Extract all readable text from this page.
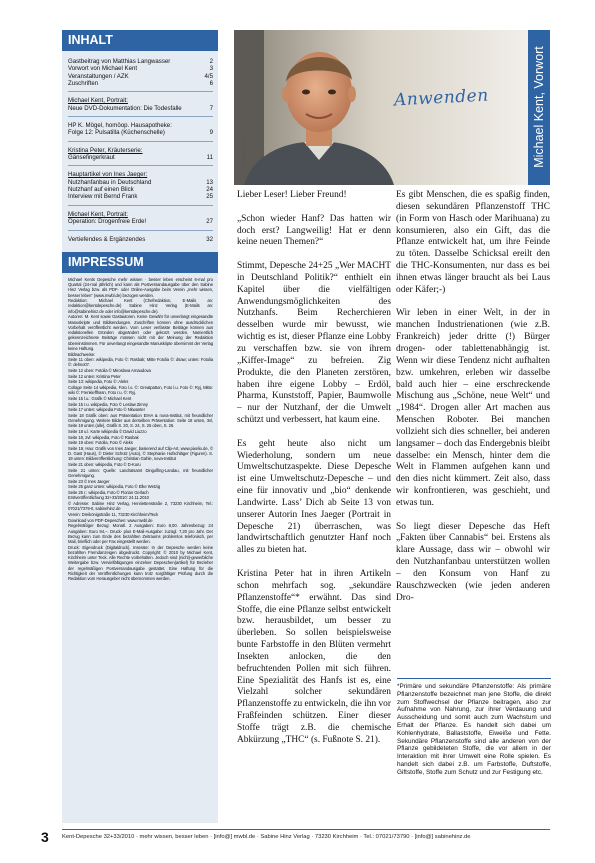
INHALT
Gastbeitrag von Matthias Langwasser	2
Vorwort von Michael Kent	3
Veranstaltungen / AZK	4/5
Zuschriften	6
Michael Kent, Portrait:
Neue DVD-Dokumentation: Die Todesfalle	7
HP K. Mögel, homöop. Hausapotheke:
Folge 12: Pulsatilla (Küchenschelle)	9
Kristina Peter, Kräuterserie:
Gänsefingerkraut	11
Hauptartikel von Ines Jaeger:
Nutzhanfanbau in Deutschland	13
Nutzhanf auf einen Blick	24
Interview mit Bernd Frank	25
Michael Kent, Portrait:
Operation: Drogenfreie Erde!	27
Vertiefendes & Ergänzendes	32
IMPRESSUM

Michael Kents Depesche mehr wissen · besser leben erscheint 6-mal pro Quartal (24-mal jährlich) und kann als Postversandausgabe über den Sabine Hinz Verlag bzw. als PDF- oder Online-Ausgabe beim Verein „mehr wissen, besser leben“ (www.mwbl.de) bezogen werden.

Redaktion: Michael Kent (Chefredaktion, E-Mails an: redaktion@kentdepesche.de) Sabine Hinz Verlag (E-Mails an: info@sabinehinz.de oder info@kentdepesche.de).

Autoren: M. Kent sowie Gastautoren. Keine Gewähr für unverlangt eingesandte Manuskripte und Bildsendungen. Zuschriften können ohne ausdrücklichen Vorbehalt veröffentlicht werden. Vom Leser verfasste Beiträge können aus redaktionellen Gründen abgeändert oder gekürzt werden. Namentlich gekennzeichnete Beiträge müssen nicht mit der Meinung der Redaktion übereinstimmen. Für unverlangt eingesandte Manuskripte übernimmt der Verlag keine Haftung.

Bildnachweise:

Seite 11 oben: wikipedia, Foto ©: Rasbak; Mitte Fotolia ©: dsaw; unten: Fotolia ©: delmo07.

Seite 12 oben: Fotolia © Miroslava Arnaudova

Seite 12 unten: Kristina Peter

Seite 13: wikipedia, Foto ©: Aleks

Collage Seite 14 wikipedia, Foto l.o. ©: Greatpatton, Foto l.u. Foto ©: Ryj, Mitte: wiki ©: Frenkieffhasn, Foto r.u. ©: Ryj.

Seite 15 l.u.: Grafik © Michael Kent

Seite 15 r.u. wikipedia, Foto © Leslaw Zimny

Seite 17 unten: wikipedia Foto © Nkwanter

Seite 18 Grafik oben: aus Präsentation EIHA & nova-Institut, mit freundlicher Genehmigung. Weitere Bilder aus derselben Präsentation: Seite 18 unten, 3vl, Seite 19 unten (alle), Grafik S. 20, S. 24, S. 25 oben, S. 26.

Seite 18 u.l. Karte wikipedia © David Liuzzo

Seite 18, 2vl: wikipedia, Foto © Rasbak

Seite 19 oben: Fotolia, Foto © Aleks

Seite 19, Hau: Grafik von Ines Jaeger, basierend auf Clip-Art, www.pixelio.de, © D. Gast (Haus), © Dieter Schütz (Auto), © Stephanie Hofschläger (Figuren). S. 19 unten: Bildveröffentlichung: Christian Gahle, nova-Institut

Seite 21 oben: wikipedia, Foto © D-Kuru

Seite 21 unten: Quelle: Landratsamt Dingolfing-Landau, mit freundlicher Genehmigung.

Seite 23 © Ines Jaeger

Seite 25 ganz unten: wikipedia, Foto © Elke Wetzig

Seite 25 r.: wikipedia, Foto © Florian Gerlach

Erstveröffentlichung 32+33/2010: 24.11.2010

© Adresse: Sabine Hinz Verlag, Henriettenstraße 2, 73230 Kirchheim, Tel.: 07021/7379-0, sabinehinz.de

Verein: Dreikönigstraße 11, 73230 Kirchheim/Teck

Download von PDF-Depeschen: www.mwbl.de

Regelmäßiger Bezug: Monatl. 2 Ausgaben: Euro 8,00. Jahresbezug: 24 Ausgaben: Euro 94,–. Druck- plus E-Mail-Ausgabe: zuzügl. 7,20 pro Jahr. Der Bezug kann zum Ende des bezahlten Zeitraums problemlos telefonisch, per Mail, brieflich oder per Fax eingestellt werden.

Druck: Eigendruck (Digitaldruck). Inserate: In der Depesche werden keine bezahlten Fremdanzeigen abgedruckt. Copyright: © 2010 by Michael Kent, Kirchheim unter Teck. Alle Rechte vorbehalten. Jedoch sind (nicht)-gewerbliche Weitergabe bzw. Vervielfältigungen einzelner Depeschen(artikel) für Bezieher der regelmäßigen Postversandausgabe gestattet. Eine Haftung für die Richtigkeit der Veröffentlichungen kann trotz sorgfältiger Prüfung durch die Redaktion vom Herausgeber nicht übernommen werden.

Michael Kent
Anwenden	Michael Kent, Vorwort

Lieber Leser! Lieber Freund!

„Schon wieder Hanf? Das hatten wir doch erst? Langweilig! Hat er denn keine neuen Themen?“

Stimmt, Depesche 24+25 „Wer MACHT in Deutschland Politik?“ enthielt ein Kapitel über die vielfältigen Anwendungsmöglichkeiten des Nutzhanfs. Beim Recherchieren desselben wurde mir bewusst, wie wichtig es ist, dieser Pflanze eine Lobby zu verschaffen bzw. sie von ihrem „Kiffer-Image“ zu befreien. Zig Produkte, die den Planeten zerstören, haben ihre eigene Lobby – Erdöl, Pharma, Kunststoff, Papier, Baumwolle – nur der Nutzhanf, der die Umwelt schützt und verbessert, hat kaum eine.

Es geht heute also nicht um Wiederholung, sondern um neue Umweltschutzaspekte. Diese Depesche ist eine Umweltschutz-Depesche – und eine für innovativ und „bio“ denkende Landwirte. Lass’ Dich ab Seite 13 von unserer Autorin Ines Jaeger (Portrait in Depesche 21) überraschen, was landwirtschaftlich genutzter Hanf noch alles zu bieten hat.

Kristina Peter hat in ihren Artikeln schon mehrfach sog. „sekundäre Pflanzenstoffe“* erwähnt. Das sind Stoffe, die eine Pflanze selbst entwickelt bzw. herausbildet, um besser zu überleben. So sollen beispielsweise bunte Farbstoffe in den Blüten vermehrt Insekten anlocken, die den befruchtenden Pollen mit sich führen. Eine Spezialität des Hanfs ist es, eine Vielzahl solcher sekundären Pflanzenstoffe zu entwickeln, die ihn vor Fraßfeinden schützen. Einer dieser Stoffe trägt z.B. die chemische Abkürzung „THC“ (s. Fußnote S. 21).

Es gibt Menschen, die es spaßig finden, diesen sekundären Pflanzenstoff THC (in Form von Hasch oder Marihuana) zu konsumieren, also ein Gift, das die Pflanze entwickelt hat, um ihre Feinde zu töten. Dasselbe Schicksal ereilt den die THC-Konsumenten, nur dass es bei ihnen etwas länger braucht als bei Laus oder Käfer;-)

Wir leben in einer Welt, in der in manchen Industrienationen (wie z.B. Frankreich) jeder dritte (!) Bürger drogen- oder tablettenabhängig ist. Wenn wir diese Tendenz nicht aufhalten bzw. umkehren, erleben wir dasselbe bald auch hier – eine erschreckende Mischung aus „Schöne, neue Welt“ und „1984“. Drogen aller Art machen aus Menschen Roboter. Bei manchen vollzieht sich dies schneller, bei anderen langsamer – doch das Endergebnis bleibt dasselbe: ein Mensch, hinter dem die Welt in Flammen aufgehen kann und den dies nicht kümmert. Zeit also, dass wir konfrontieren, was geschieht, und etwas tun.

So liegt dieser Depesche das Heft „Fakten über Cannabis“ bei. Erstens als klare Aussage, dass wir – obwohl wir den Nutzhanfanbau unterstützen wollen – den Konsum von Hanf zu Rauschzwecken (wie jeden anderen Dro-

*Primäre und sekundäre Pflanzenstoffe: Als primäre Pflanzenstoffe bezeichnet man jene Stoffe, die direkt zum Stoffwechsel der Pflanze beitragen, also zur Aufnahme von Nahrung, zur ihrer Verdauung und Ausscheidung und somit auch zum Wachstum und Erhalt der Pflanze. Es handelt sich dabei um Kohlenhydrate, Ballaststoffe, Eiweiße und Fette. Sekundäre Pflanzenstoffe sind alle anderen von der Pflanze gebildeteten Stoffe, die vor allem in der Interaktion mit ihrer Umwelt eine Rolle spielen. Es handelt sich dabei z.B. um Farbstoffe, Duftstoffe, Giftstoffe, Stoffe zum Schutz und zur Festigung etc.
3 Kent-Depesche 32+33/2010 · mehr wissen, besser leben · [info@] mwbl.de · Sabine Hinz Verlag · 73230 Kirchheim · Tel.: 07021/73790 · [info@] sabinehinz.de
